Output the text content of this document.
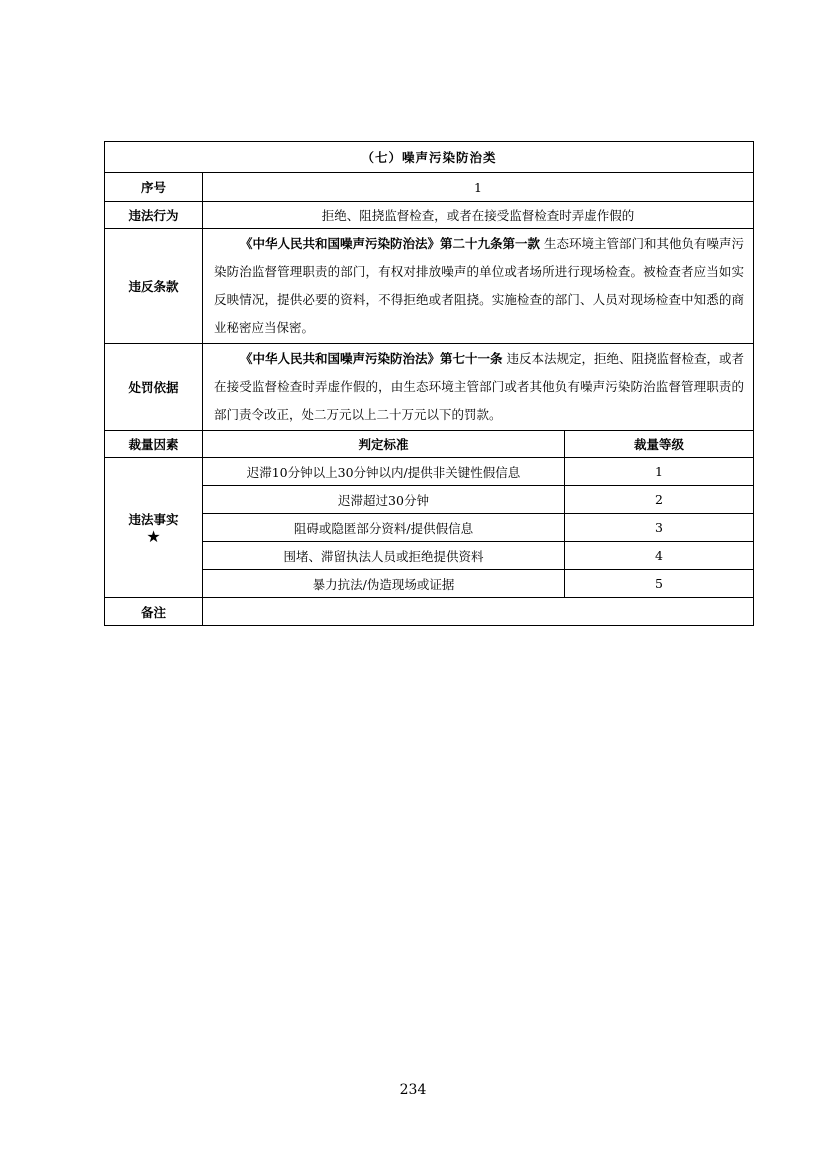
（七）噪声污染防治类		
序号	1	
违法行为	拒绝、阻挠监督检查，或者在接受监督检查时弄虚作假的	
违反条款	《中华人民共和国噪声污染防治法》第二十九条第一款 生态环境主管部门和其他负有噪声污染防治监督管理职责的部门，有权对排放噪声的单位或者场所进行现场检查。被检查者应当如实反映情况，提供必要的资料，不得拒绝或者阻挠。实施检查的部门、人员对现场检查中知悉的商业秘密应当保密。	
处罚依据	《中华人民共和国噪声污染防治法》第七十一条 违反本法规定，拒绝、阻挠监督检查，或者在接受监督检查时弄虚作假的，由生态环境主管部门或者其他负有噪声污染防治监督管理职责的部门责令改正，处二万元以上二十万元以下的罚款。	
裁量因素	判定标准	裁量等级

违法事实
★	迟滞10分钟以上30分钟以内/提供非关键性假信息	1
	迟滞超过30分钟	2
	阻碍或隐匿部分资料/提供假信息	3
	围堵、滞留执法人员或拒绝提供资料	4
	暴力抗法/伪造现场或证据	5
备注		
234
